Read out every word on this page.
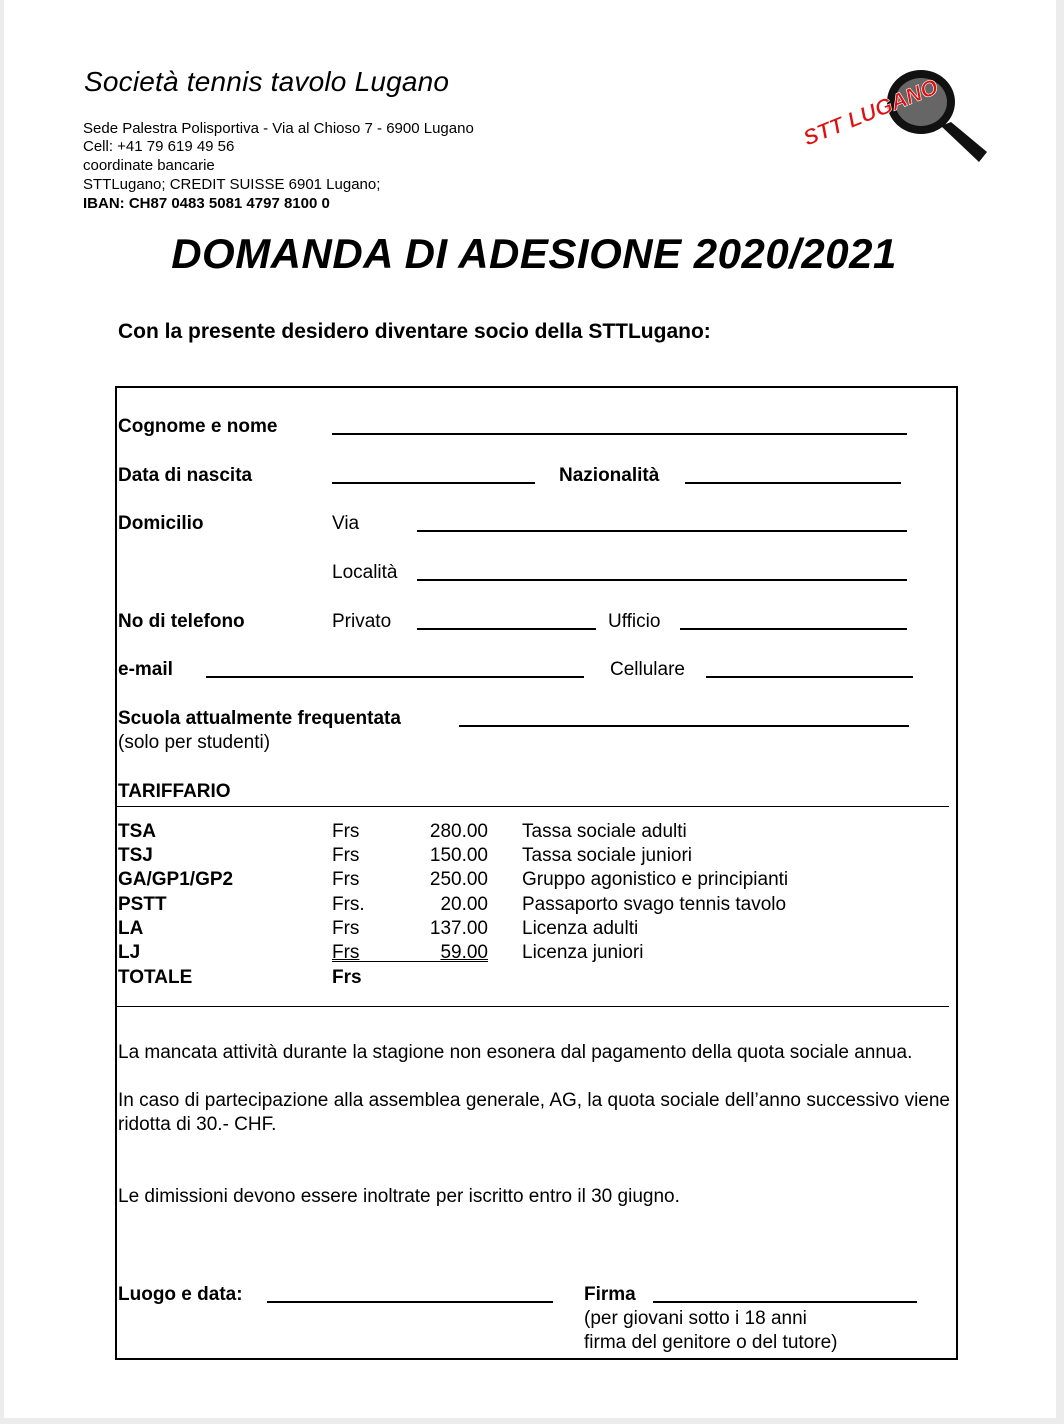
Società tennis tavolo Lugano
Sede Palestra Polisportiva - Via al Chioso 7 - 6900 Lugano
Cell: +41 79 619 49 56
coordinate bancarie
STTLugano; CREDIT SUISSE 6901 Lugano;
IBAN: CH87 0483 5081 4797 8100 0
STT LUGANO
DOMANDA DI ADESIONE 2020/2021
Con la presente desidero diventare socio della STTLugano:
Cognome e nome
Data di nascita	Nazionalità
Domicilio	Via
Località
No di telefono	Privato	Ufficio
e-mail	Cellulare
Scuola attualmente frequentata
(solo per studenti)
TARIFFARIO
TOTALE	Frs
La mancata attività durante la stagione non esonera dal pagamento della quota sociale annua.
In caso di partecipazione alla assemblea generale, AG, la quota sociale dell’anno successivo viene ridotta di 30.- CHF.
Le dimissioni devono essere inoltrate per iscritto entro il 30 giugno.
Luogo e data:	Firma
(per giovani sotto i 18 anni
firma del genitore o del tutore)
TSA	Frs	280.00 Tassa sociale adulti
TSJ	Frs	150.00 Tassa sociale juniori
GA/GP1/GP2	Frs	250.00 Gruppo agonistico e principianti
PSTT	Frs.	20.00 Passaporto svago tennis tavolo
LA	Frs	137.00 Licenza adulti
LJ	Frs	59.00 Licenza juniori
